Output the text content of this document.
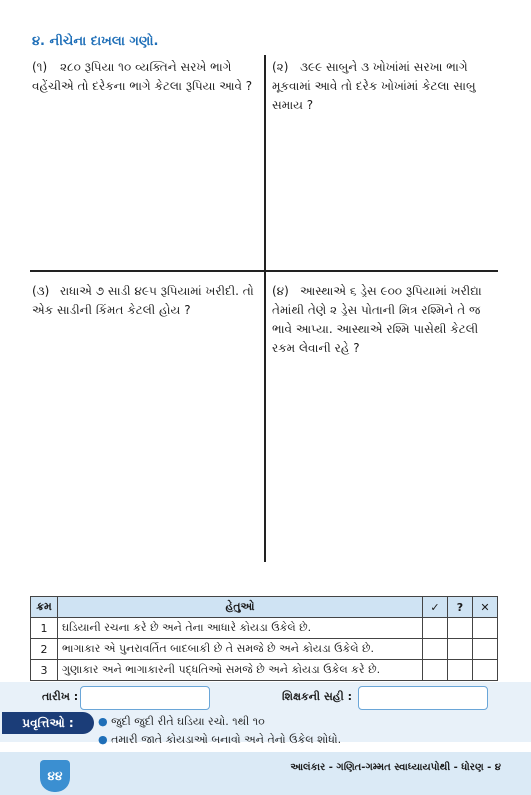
૪. નીચેના દાખલા ગણો.
(૧) ૨૮૦ રૂપિયા ૧૦ વ્યક્તિને સરખે ભાગે વહેંચીએ તો દરેકના ભાગે કેટલા રૂપિયા આવે ?
(૨) ૩૯૯ સાબુને ૩ ખોખાંમાં સરખા ભાગે મૂકવામાં આવે તો દરેક ખોખાંમાં કેટલા સાબુ સમાય ?
(૩) રાધાએ ૭ સાડી ૪૯૫ રૂપિયામાં ખરીદી. તો એક સાડીની કિંમત કેટલી હોય ?
(૪) આસ્થાએ ૬ ડ્રેસ ૯૦૦ રૂપિયામાં ખરીદ્યા તેમાંથી તેણે ૨ ડ્રેસ પોતાની મિત્ર રશ્મિને તે જ ભાવે આપ્યા. આસ્થાએ રશ્મિ પાસેથી કેટલી રકમ લેવાની રહે ?
ક્રમ	હેતુઓ	✓	?	✕
1	ઘડિયાની રચના કરે છે અને તેના આધારે કોયડા ઉકેલે છે.			
2	ભાગાકાર એ પુનરાવર્તિત બાદબાકી છે તે સમજે છે અને કોયડા ઉકેલે છે.			
3	ગુણાકાર અને ભાગાકારની પદ્ધતિઓ સમજે છે અને કોયડા ઉકેલ કરે છે.			
તારીખ :	શિક્ષકની સહી :
પ્રવૃત્તિઓ :	● જુદી જુદી રીતે ઘડિયા રચો. ૧થી ૧૦
● તમારી જાતે કોયડાઓ બનાવો અને તેનો ઉકેલ શોધો.
૪૪
આલંકાર - ગણિત-ગમ્મત સ્વાધ્યાયપોથી - ધોરણ - ૪
